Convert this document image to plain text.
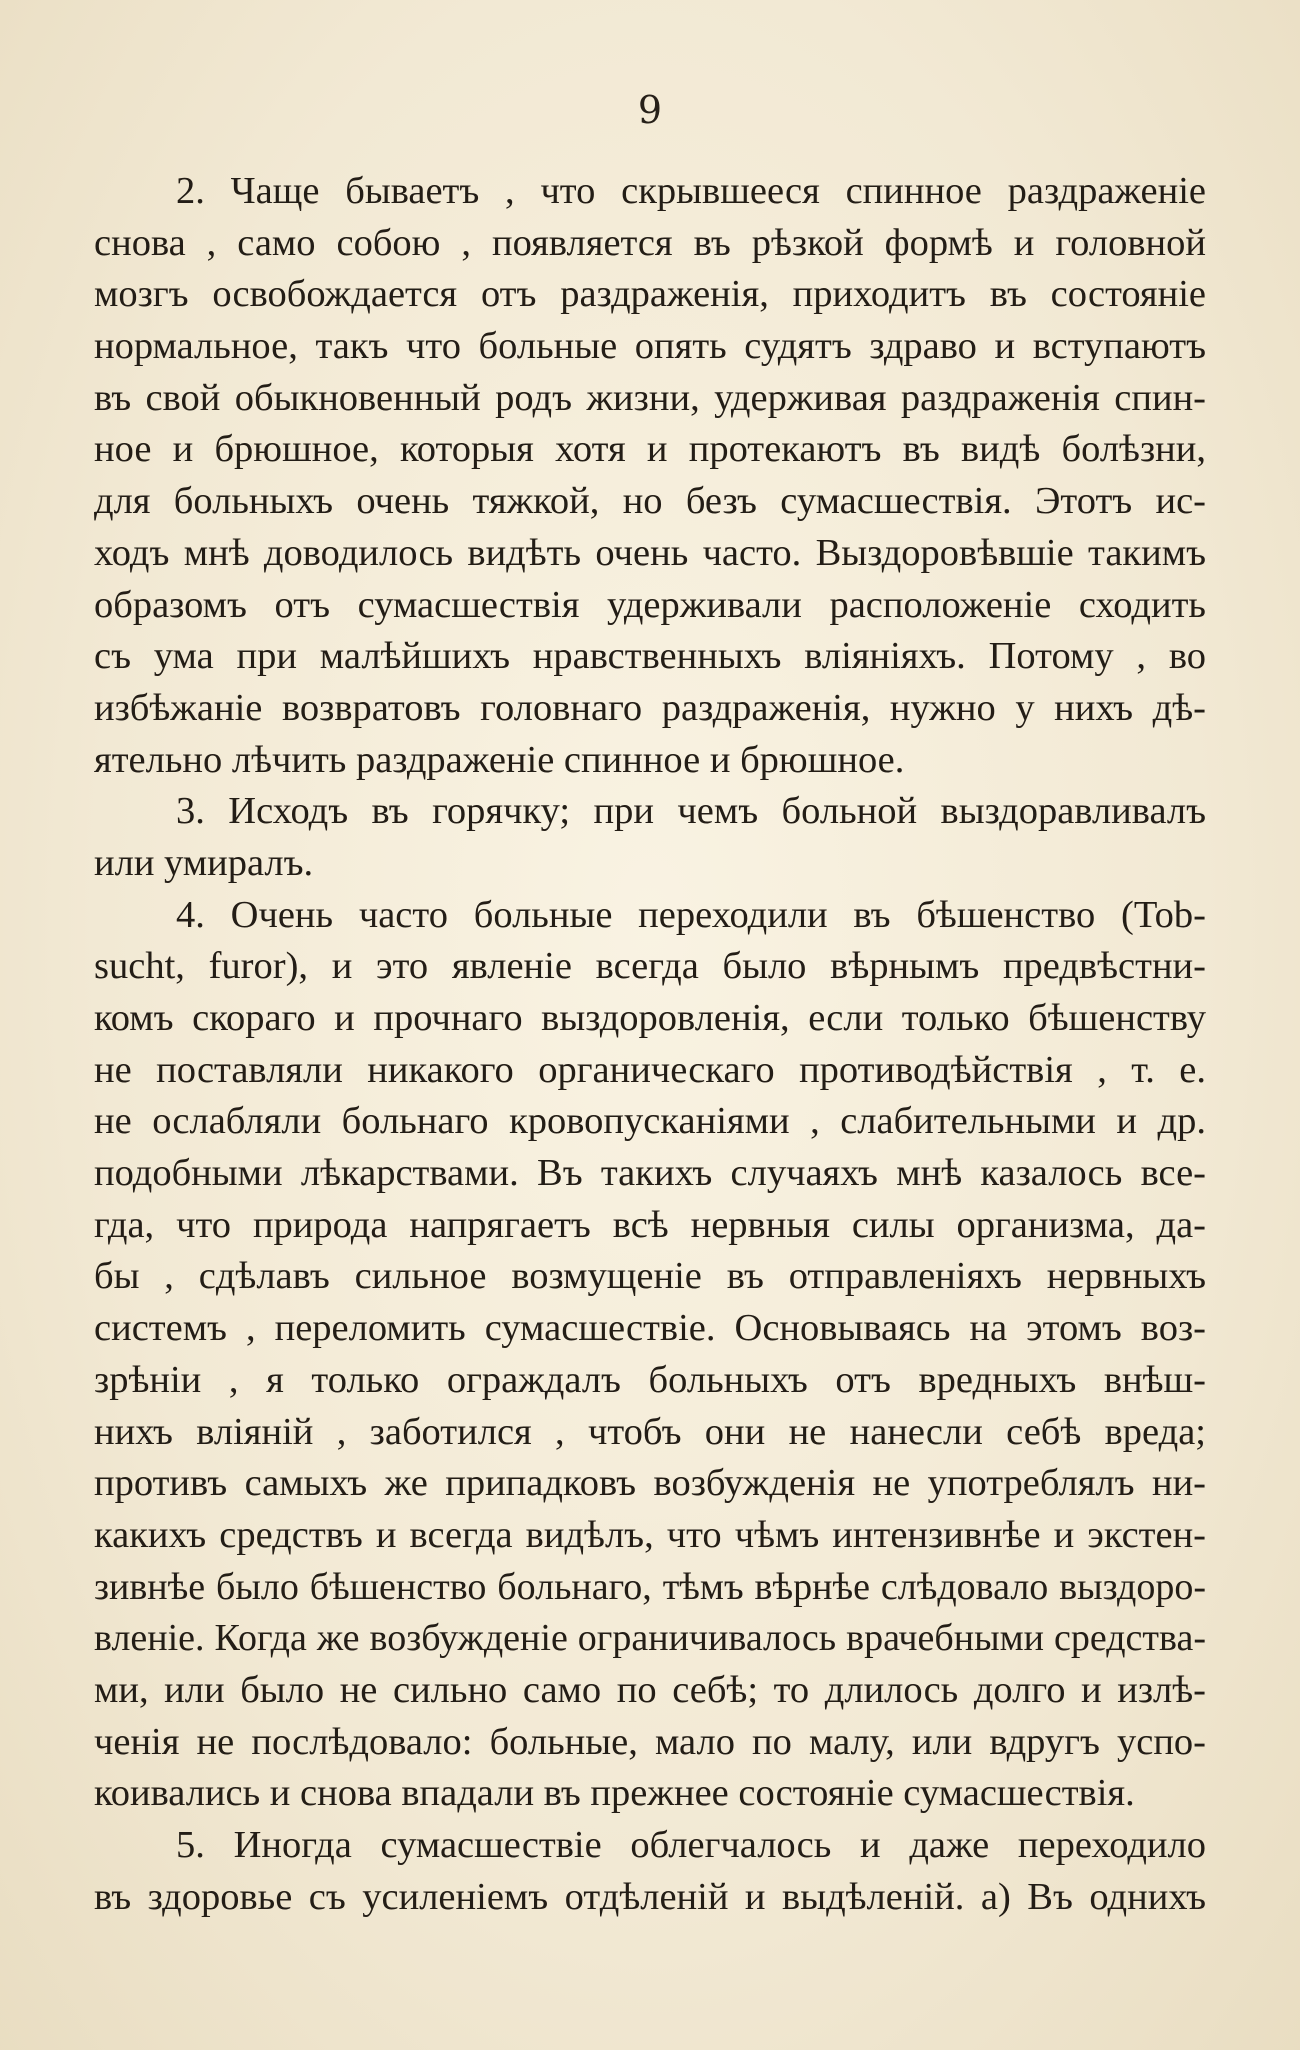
9
2. Чаще бываетъ , что скрывшееся спинное раздраженіе
снова , само собою , появляется въ рѣзкой формѣ и головной
мозгъ освобождается отъ раздраженія, приходитъ въ состояніе
нормальное, такъ что больные опять судятъ здраво и вступаютъ
въ свой обыкновенный родъ жизни, удерживая раздраженія спин-
ное и брюшное, которыя хотя и протекаютъ въ видѣ болѣзни,
для больныхъ очень тяжкой, но безъ сумасшествія. Этотъ ис-
ходъ мнѣ доводилось видѣть очень часто. Выздоровѣвшіе такимъ
образомъ отъ сумасшествія удерживали расположеніе сходить
съ ума при малѣйшихъ нравственныхъ вліяніяхъ. Потому , во
избѣжаніе возвратовъ головнаго раздраженія, нужно у нихъ дѣ-
ятельно лѣчить раздраженіе спинное и брюшное.
3. Исходъ въ горячку; при чемъ больной выздоравливалъ
или умиралъ.
4. Очень часто больные переходили въ бѣшенство (Tob-
sucht, furor), и это явленіе всегда было вѣрнымъ предвѣстни-
комъ скораго и прочнаго выздоровленія, если только бѣшенству
не поставляли никакого органическаго противодѣйствія , т. е.
не ослабляли больнаго кровопусканіями , слабительными и др.
подобными лѣкарствами. Въ такихъ случаяхъ мнѣ казалось все-
гда, что природа напрягаетъ всѣ нервныя силы организма, да-
бы , сдѣлавъ сильное возмущеніе въ отправленіяхъ нервныхъ
системъ , переломить сумасшествіе. Основываясь на этомъ воз-
зрѣніи , я только ограждалъ больныхъ отъ вредныхъ внѣш-
нихъ вліяній , заботился , чтобъ они не нанесли себѣ вреда;
противъ самыхъ же припадковъ возбужденія не употреблялъ ни-
какихъ средствъ и всегда видѣлъ, что чѣмъ интензивнѣе и экстен-
зивнѣе было бѣшенство больнаго, тѣмъ вѣрнѣе слѣдовало выздоро-
вленіе. Когда же возбужденіе ограничивалось врачебными средства-
ми, или было не сильно само по себѣ; то длилось долго и излѣ-
ченія не послѣдовало: больные, мало по малу, или вдругъ успо-
коивались и снова впадали въ прежнее состояніе сумасшествія.
5. Иногда сумасшествіе облегчалось и даже переходило
въ здоровье съ усиленіемъ отдѣленій и выдѣленій. а) Въ однихъ
